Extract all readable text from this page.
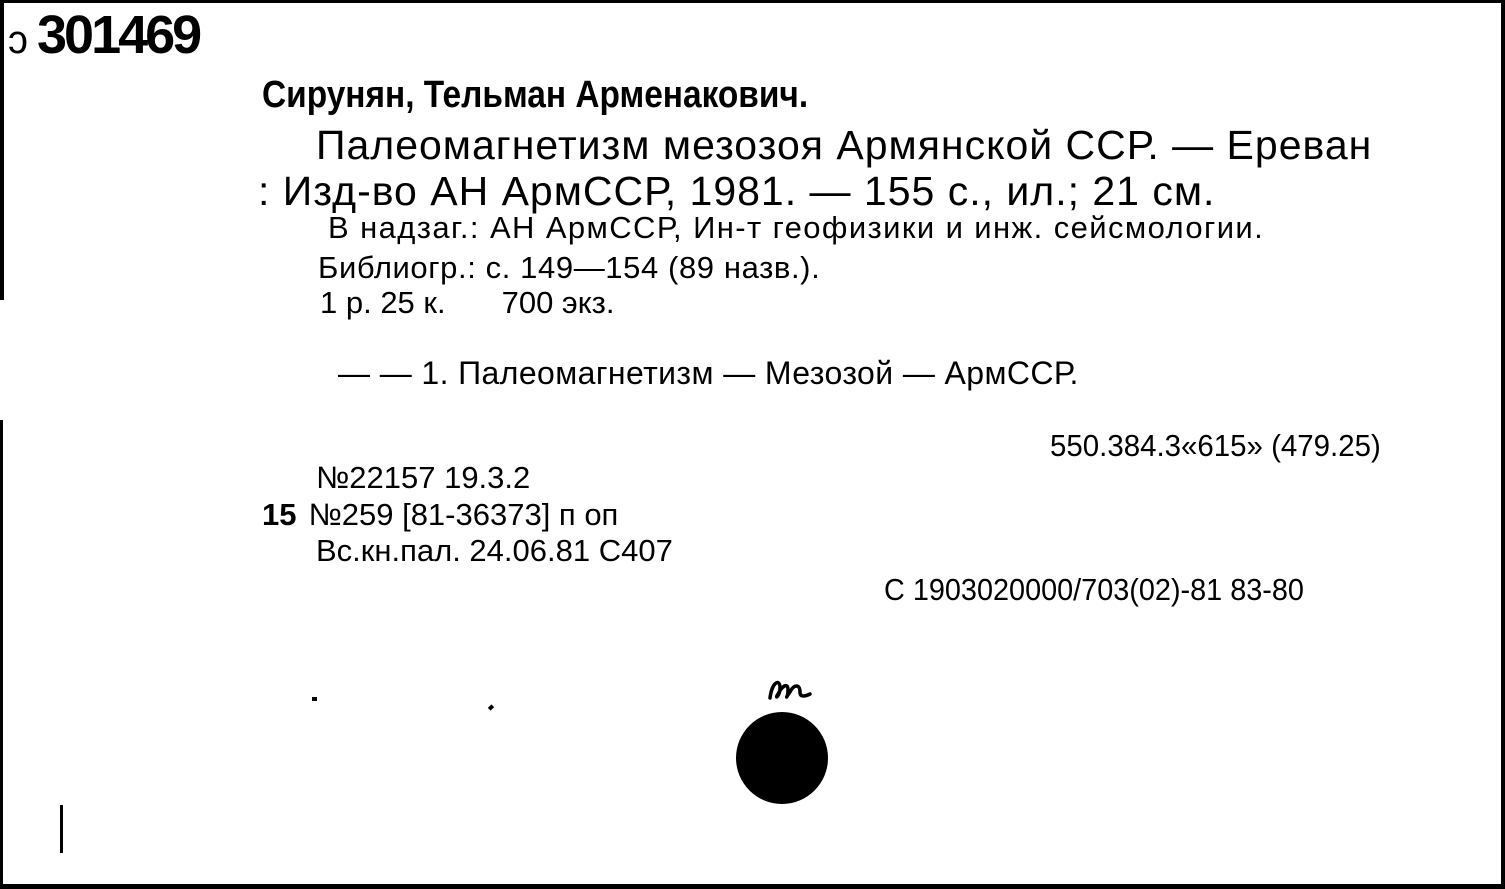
ↄ 301469
Сирунян, Тельман Арменакович.
Палеомагнетизм мезозоя Армянской ССР. — Ереван
: Изд-во АН АрмССР, 1981. — 155 с., ил.; 21 см.
В надзаг.: АН АрмССР, Ин-т геофизики и инж. сейсмологии.
Библиогр.: с. 149—154 (89 назв.).
1 р. 25 к. 700 экз.
— — 1. Палеомагнетизм — Мезозой — АрмССР.
550.384.3«615» (479.25)
№22157 19.3.2
15 №259 [81-36373] п оп
Вс.кн.пал. 24.06.81 С407
С 1903020000/703(02)-81 83-80
